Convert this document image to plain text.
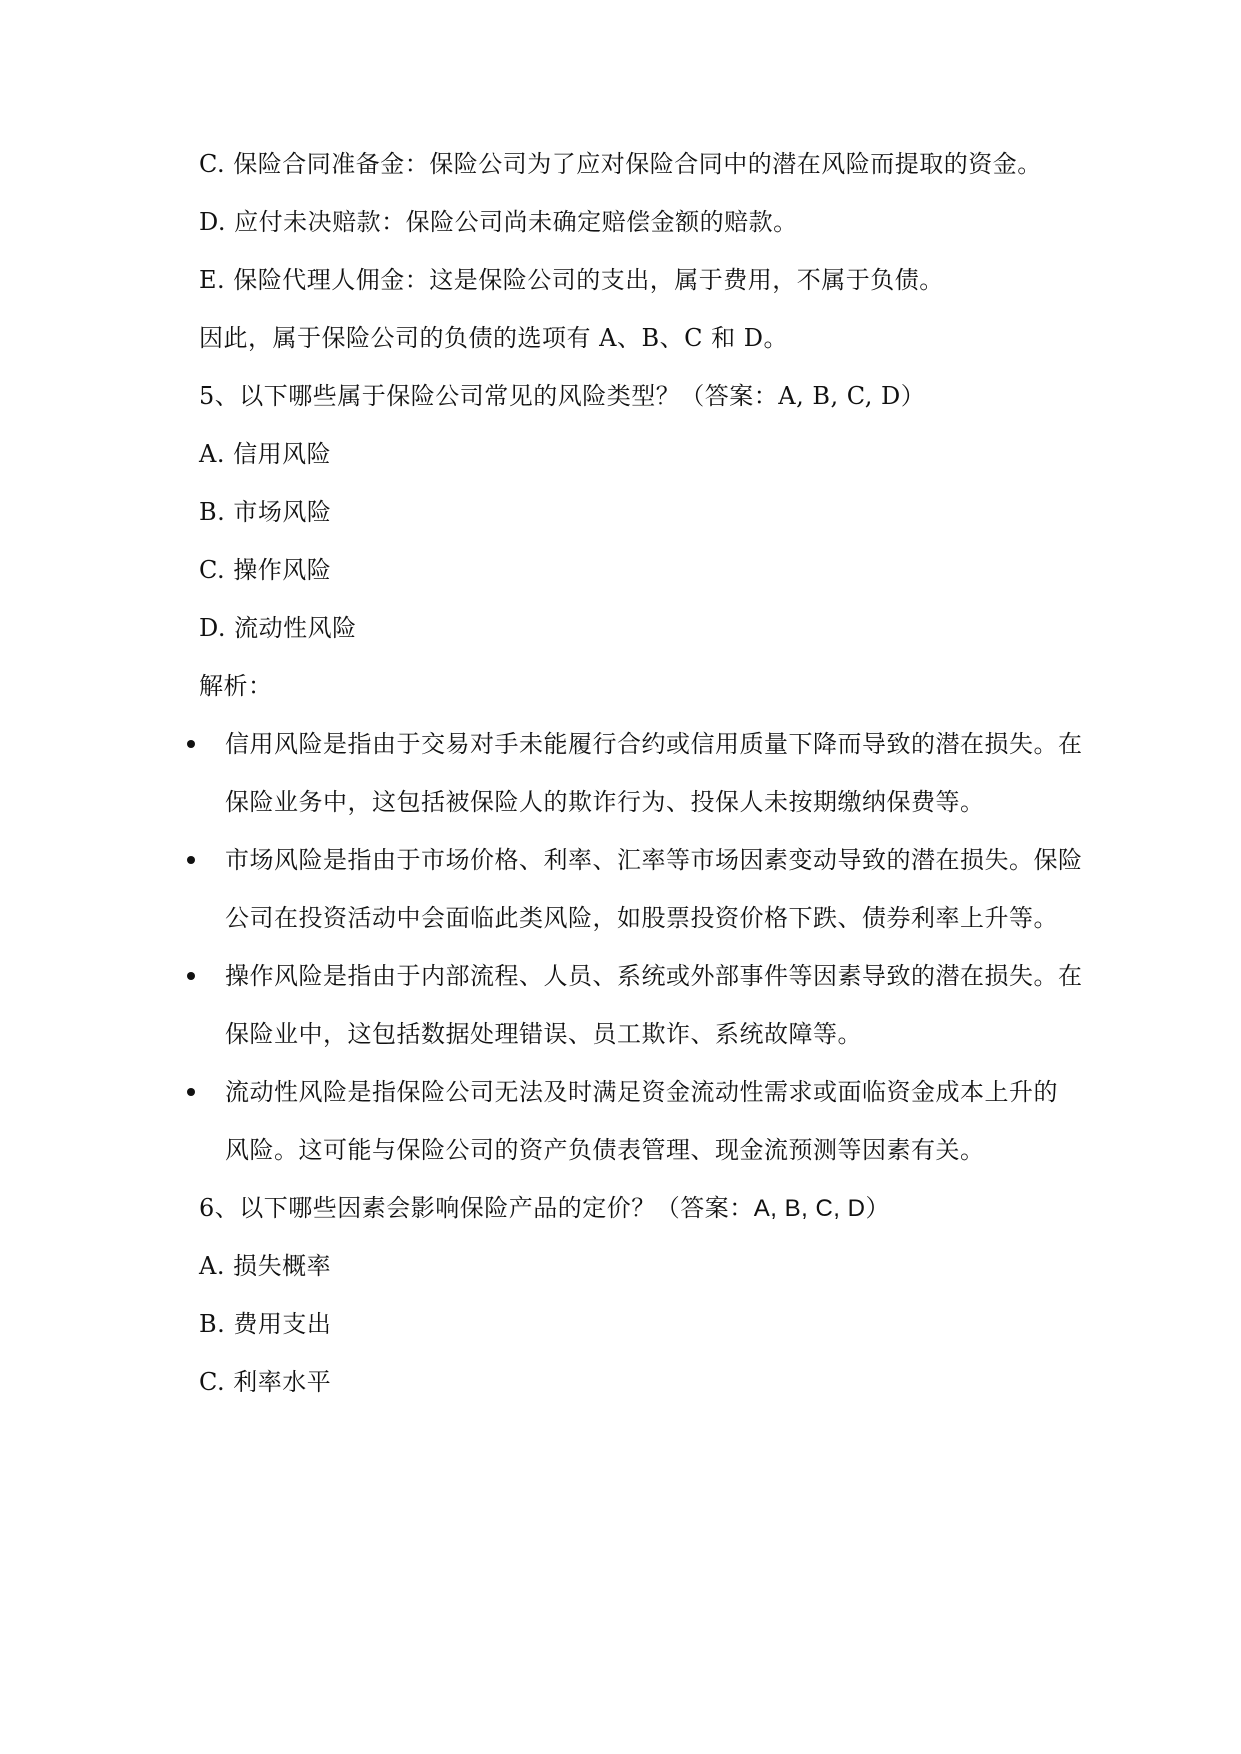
C. 保险合同准备金：保险公司为了应对保险合同中的潜在风险而提取的资金。
D. 应付未决赔款：保险公司尚未确定赔偿金额的赔款。
E. 保险代理人佣金：这是保险公司的支出，属于费用，不属于负债。
因此，属于保险公司的负债的选项有 A、B、C 和 D。
5、以下哪些属于保险公司常见的风险类型？（答案：A, B, C, D）
A. 信用风险
B. 市场风险
C. 操作风险
D. 流动性风险
解析：
信用风险是指由于交易对手未能履行合约或信用质量下降而导致的潜在损失。在
保险业务中，这包括被保险人的欺诈行为、投保人未按期缴纳保费等。
市场风险是指由于市场价格、利率、汇率等市场因素变动导致的潜在损失。保险
公司在投资活动中会面临此类风险，如股票投资价格下跌、债券利率上升等。
操作风险是指由于内部流程、人员、系统或外部事件等因素导致的潜在损失。在
保险业中，这包括数据处理错误、员工欺诈、系统故障等。
流动性风险是指保险公司无法及时满足资金流动性需求或面临资金成本上升的
风险。这可能与保险公司的资产负债表管理、现金流预测等因素有关。
6、以下哪些因素会影响保险产品的定价？（答案：A, B, C, D）
A. 损失概率
B. 费用支出
C. 利率水平
